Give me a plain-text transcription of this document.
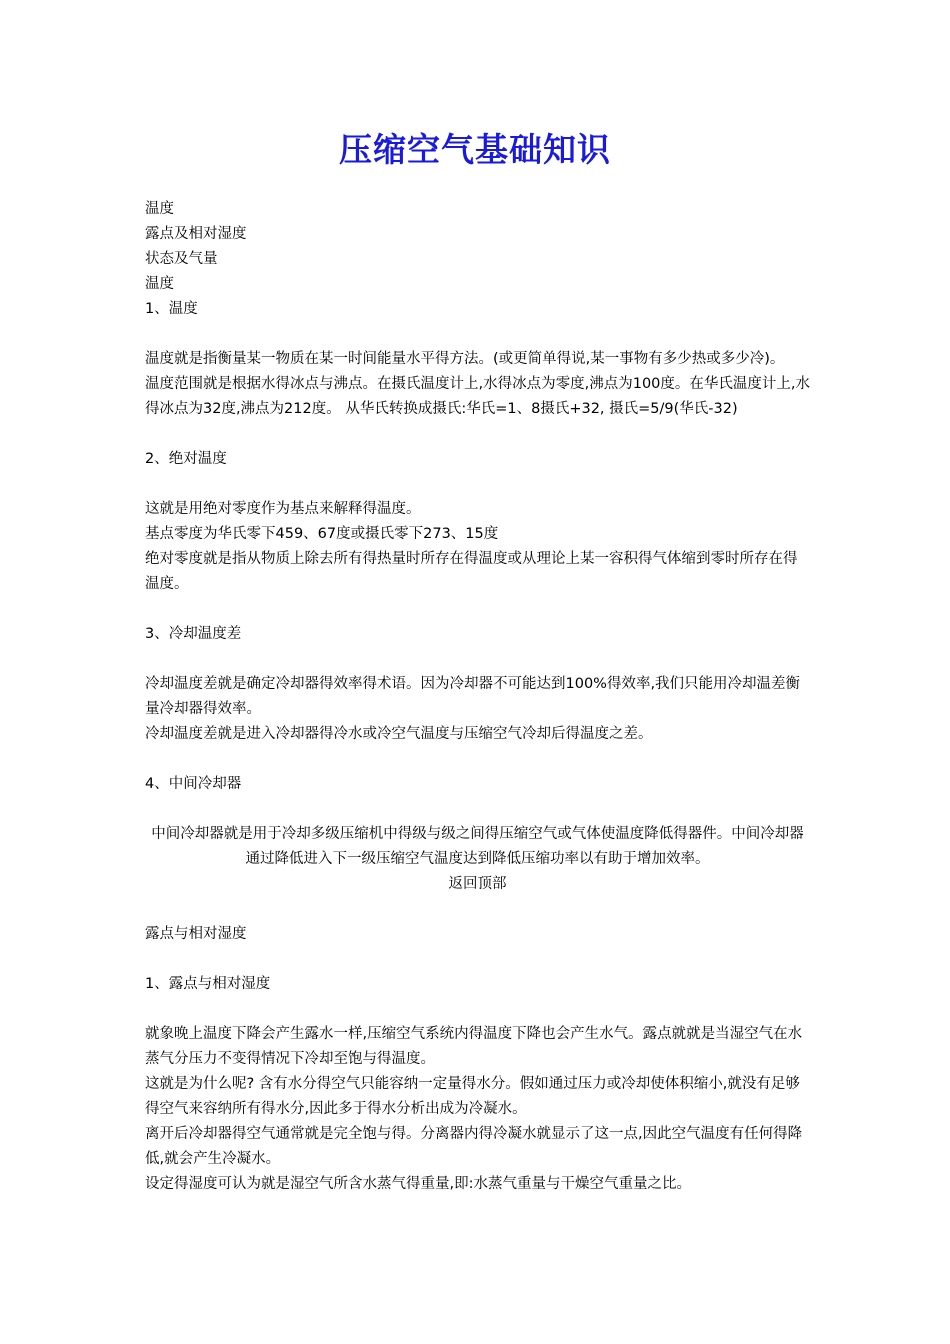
压缩空气基础知识

温度

露点及相对湿度

状态及气量

温度

1、温度

温度就是指衡量某一物质在某一时间能量水平得方法。(或更简单得说,某一事物有多少热或多少冷)。

温度范围就是根据水得冰点与沸点。在摄氏温度计上,水得冰点为零度,沸点为100度。在华氏温度计上,水得冰点为32度,沸点为212度。 从华氏转换成摄氏:华氏=1、8摄氏+32, 摄氏=5/9(华氏-32)

2、绝对温度

这就是用绝对零度作为基点来解释得温度。

基点零度为华氏零下459、67度或摄氏零下273、15度

绝对零度就是指从物质上除去所有得热量时所存在得温度或从理论上某一容积得气体缩到零时所存在得温度。

3、冷却温度差

冷却温度差就是确定冷却器得效率得术语。因为冷却器不可能达到100%得效率,我们只能用冷却温差衡量冷却器得效率。

冷却温度差就是进入冷却器得冷水或冷空气温度与压缩空气冷却后得温度之差。

4、中间冷却器

中间冷却器就是用于冷却多级压缩机中得级与级之间得压缩空气或气体使温度降低得器件。中间冷却器通过降低进入下一级压缩空气温度达到降低压缩功率以有助于增加效率。

返回顶部

露点与相对湿度

1、露点与相对湿度

就象晚上温度下降会产生露水一样,压缩空气系统内得温度下降也会产生水气。露点就就是当湿空气在水蒸气分压力不变得情况下冷却至饱与得温度。

这就是为什么呢? 含有水分得空气只能容纳一定量得水分。假如通过压力或冷却使体积缩小,就没有足够得空气来容纳所有得水分,因此多于得水分析出成为冷凝水。

离开后冷却器得空气通常就是完全饱与得。分离器内得冷凝水就显示了这一点,因此空气温度有任何得降低,就会产生冷凝水。

设定得湿度可认为就是湿空气所含水蒸气得重量,即:水蒸气重量与干燥空气重量之比。
